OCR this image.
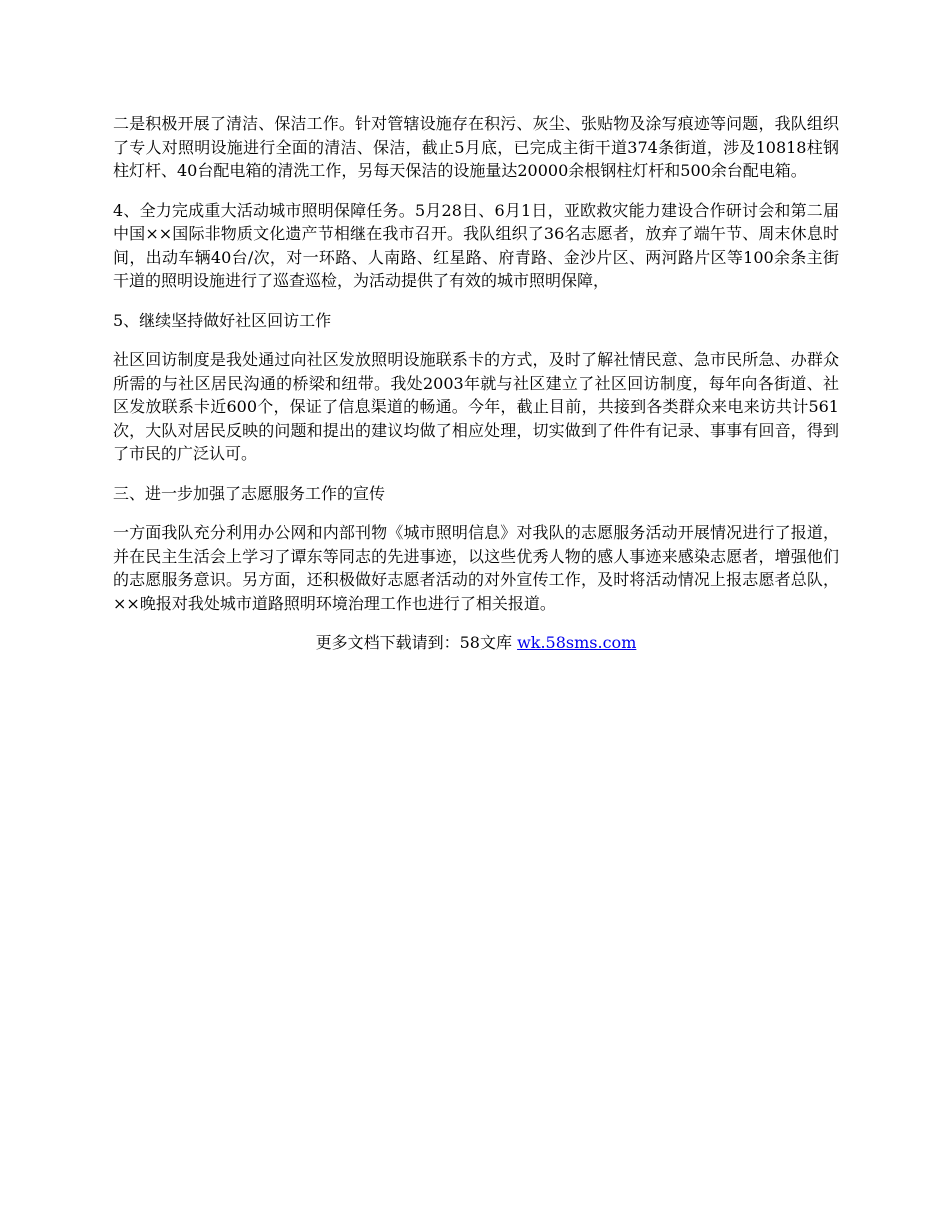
二是积极开展了清洁、保洁工作。针对管辖设施存在积污、灰尘、张贴物及涂写痕迹等问题，我队组织了专人对照明设施进行全面的清洁、保洁，截止5月底，已完成主街干道374条街道，涉及10818柱钢柱灯杆、40台配电箱的清洗工作，另每天保洁的设施量达20000余根钢柱灯杆和500余台配电箱。

4、全力完成重大活动城市照明保障任务。5月28日、6月1日，亚欧救灾能力建设合作研讨会和第二届中国××国际非物质文化遗产节相继在我市召开。我队组织了36名志愿者，放弃了端午节、周末休息时间，出动车辆40台/次，对一环路、人南路、红星路、府青路、金沙片区、两河路片区等100余条主街干道的照明设施进行了巡查巡检，为活动提供了有效的城市照明保障，

5、继续坚持做好社区回访工作

社区回访制度是我处通过向社区发放照明设施联系卡的方式，及时了解社情民意、急市民所急、办群众所需的与社区居民沟通的桥梁和纽带。我处2003年就与社区建立了社区回访制度，每年向各街道、社区发放联系卡近600个，保证了信息渠道的畅通。今年，截止目前，共接到各类群众来电来访共计561次，大队对居民反映的问题和提出的建议均做了相应处理，切实做到了件件有记录、事事有回音，得到了市民的广泛认可。

三、进一步加强了志愿服务工作的宣传

一方面我队充分利用办公网和内部刊物《城市照明信息》对我队的志愿服务活动开展情况进行了报道，并在民主生活会上学习了谭东等同志的先进事迹，以这些优秀人物的感人事迹来感染志愿者，增强他们的志愿服务意识。另方面，还积极做好志愿者活动的对外宣传工作，及时将活动情况上报志愿者总队，××晚报对我处城市道路照明环境治理工作也进行了相关报道。

更多文档下载请到：58文库 wk.58sms.com
